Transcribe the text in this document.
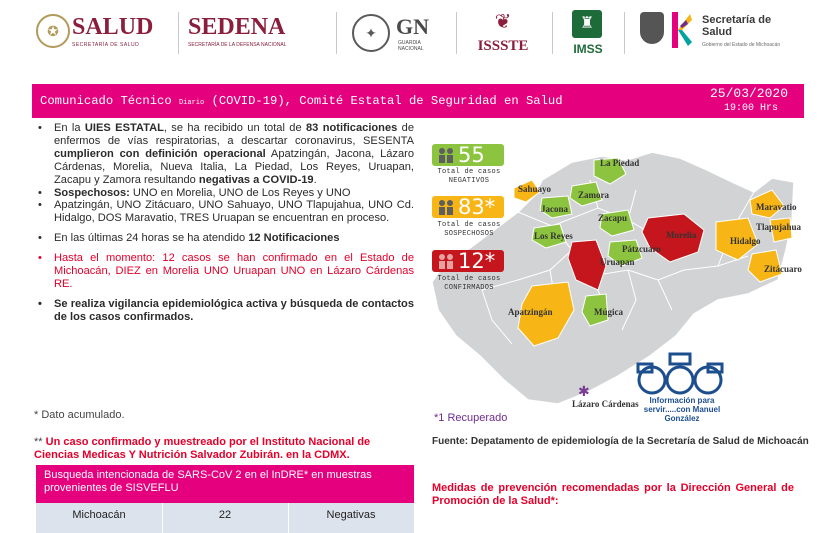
✪ SALUD
SECRETARÍA DE SALUD
SEDENA
SECRETARÍA DE LA DEFENSA NACIONAL
✦ GN
GUARDIA NACIONAL
❦
ISSSTE
♜
IMSS
Secretaría de Salud
Gobierno del Estado de Michoacán
Comunicado Técnico Diario (COVID-19), Comité Estatal de Seguridad en Salud	25/03/2020
19:00 Hrs
• En la UIES ESTATAL, se ha recibido un total de 83 notificaciones de enfermos de vías respiratorias, a descartar coronavirus, SESENTA cumplieron con definición operacional Apatzingán, Jacona, Lázaro Cárdenas, Morelia, Nueva Italia, La Piedad, Los Reyes, Uruapan, Zacapu y Zamora resultando negativas a COVID-19.
• Sospechosos: UNO en Morelia, UNO de Los Reyes y UNO
• Apatzingán, UNO Zitácuaro, UNO Sahuayo, UNO Tlapujahua, UNO Cd. Hidalgo, DOS Maravatio, TRES Uruapan se encuentran en proceso.
• En las últimas 24 horas se ha atendido 12 Notificaciones
• Hasta el momento: 12 casos se han confirmado en el Estado de Michoacán, DIEZ en Morelia UNO Uruapan UNO en Lázaro Cárdenas RE.
• Se realiza vigilancia epidemiológica activa y búsqueda de contactos de los casos confirmados.
* Dato acumulado.
** Un caso confirmado y muestreado por el Instituto Nacional de Ciencias Medicas Y Nutrición Salvador Zubirán. en la CDMX.
Busqueda intencionada de SARS-CoV 2 en el InDRE* en muestras provenientes de SISVEFLU
Michoacán	22	Negativas
✱
La Piedad
Sahuayo
Zamora
Jacona
Zacapu
Los Reyes	Morelia
Pátzcuaro
Uruapan
Apatzingán	Múgica
Lázaro Cárdenas
Maravatio
Tlapujahua
Hidalgo
Zitácuaro
55
Total de casos
NEGATIVOS
83*
Total de casos
SOSPECHOSOS
12*
Total de casos
CONFIRMADOS
*1 Recuperado
Fuente: Depatamento de epidemiología de la Secretaría de Salud de Michoacán
Información para servir.....con Manuel González
Medidas de prevención recomendadas por la Dirección General de Promoción de la Salud*:
